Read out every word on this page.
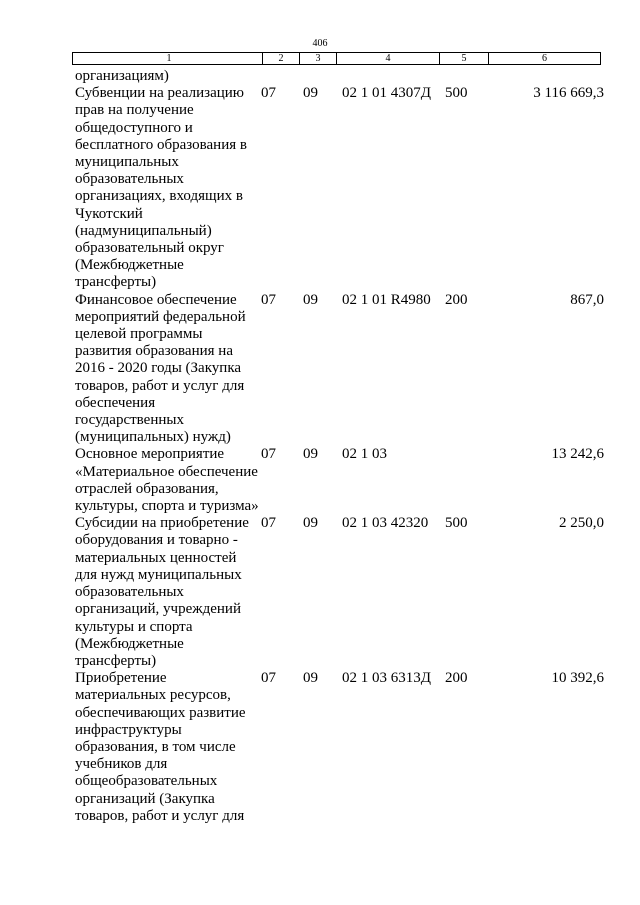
406
1	2	3	4	5	6
организациям)					
Субвенции на реализацию прав на получение общедоступного и бесплатного образования в муниципальных образовательных организациях, входящих в Чукотский (надмуниципальный) образовательный округ (Межбюджетные трансферты)	07	09	02 1 01 4307Д	500	3 116 669,3
Финансовое обеспечение мероприятий федеральной целевой программы развития образования на 2016 - 2020 годы (Закупка товаров, работ и услуг для обеспечения государственных (муниципальных) нужд)	07	09	02 1 01 R4980	200	867,0
Основное мероприятие «Материальное обеспечение отраслей образования, культуры, спорта и туризма»	07	09	02 1 03		13 242,6
Субсидии на приобретение оборудования и товарно - материальных ценностей для нужд муниципальных образовательных организаций, учреждений культуры и спорта (Межбюджетные трансферты)	07	09	02 1 03 42320	500	2 250,0
Приобретение материальных ресурсов, обеспечивающих развитие инфраструктуры образования, в том числе учебников для общеобразовательных организаций (Закупка товаров, работ и услуг для	07	09	02 1 03 6313Д	200	10 392,6
